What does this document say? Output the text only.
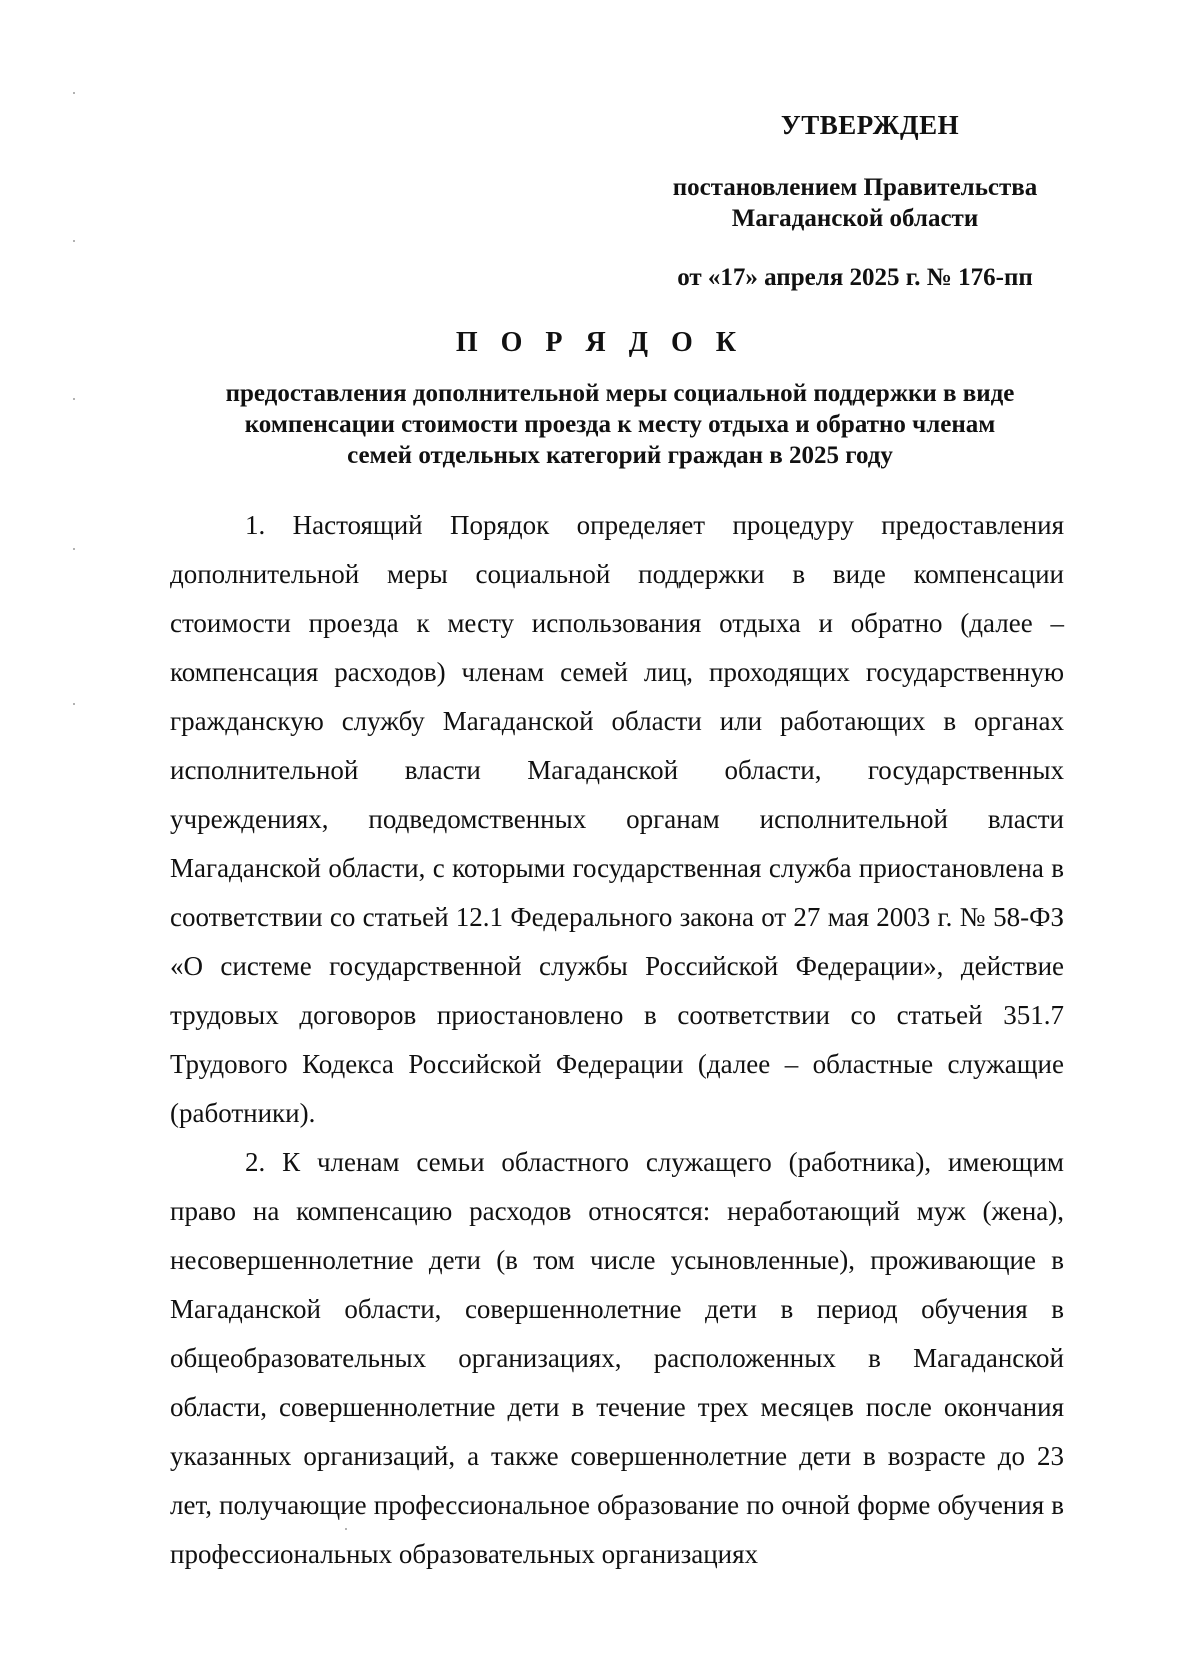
УТВЕРЖДЕН

постановлением Правительства

Магаданской области

от «17» апреля 2025 г. № 176-пп

П О Р Я Д О К
предоставления дополнительной меры социальной поддержки в виде
компенсации стоимости проезда к месту отдыха и обратно членам
семей отдельных категорий граждан в 2025 году

1. Настоящий Порядок определяет процедуру предоставления дополнительной меры социальной поддержки в виде компенсации стоимости проезда к месту использования отдыха и обратно (далее – компенсация расходов) членам семей лиц, проходящих государственную гражданскую службу Магаданской области или работающих в органах исполнительной власти Магаданской области, государственных учреждениях, подведомственных органам исполнительной власти Магаданской области, с которыми государственная служба приостановлена в соответствии со статьей 12.1 Федерального закона от 27 мая 2003 г. № 58-ФЗ «О системе государственной службы Российской Федерации», действие трудовых договоров приостановлено в соответствии со статьей 351.7 Трудового Кодекса Российской Федерации (далее – областные служащие (работники).

2. К членам семьи областного служащего (работника), имеющим право на компенсацию расходов относятся: неработающий муж (жена), несовершеннолетние дети (в том числе усыновленные), проживающие в Магаданской области, совершеннолетние дети в период обучения в общеобразовательных организациях, расположенных в Магаданской области, совершеннолетние дети в течение трех месяцев после окончания указанных организаций, а также совершеннолетние дети в возрасте до 23 лет, получающие профессиональное образование по очной форме обучения в профессиональных образовательных организациях
